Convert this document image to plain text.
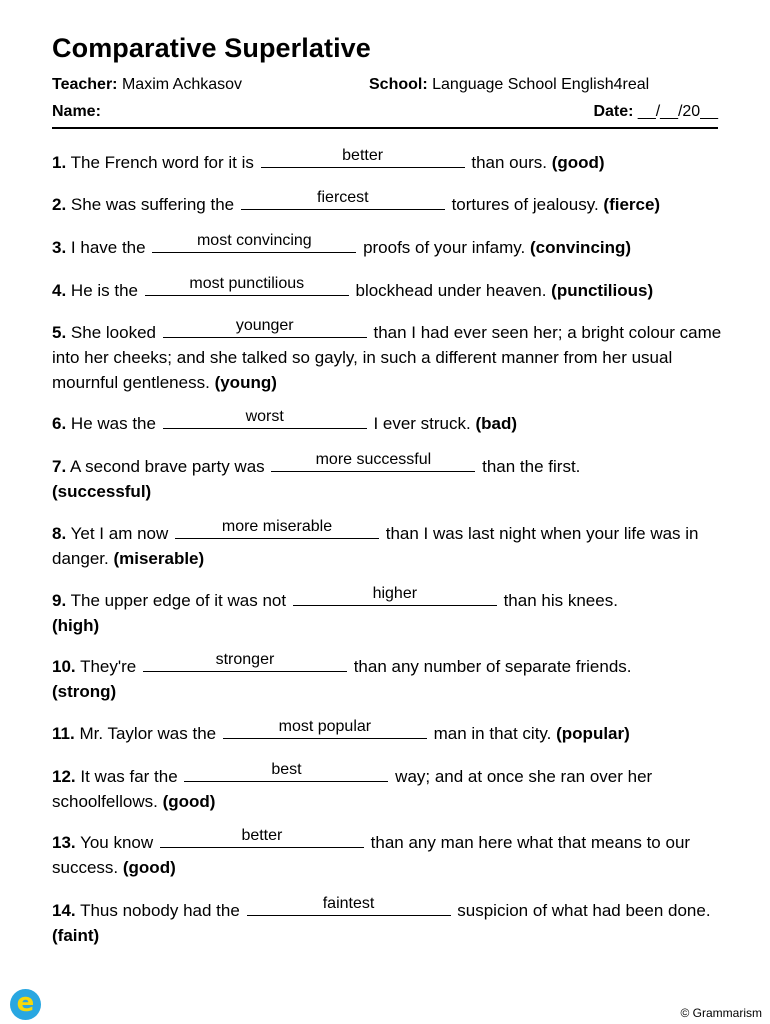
Comparative Superlative
Teacher: Maxim Achkasov	School: Language School English4real
Name:	Date: __/__/20__
1. The French word for it is	better	than ours. (good)
2. She was suffering the	fiercest	tortures of jealousy. (fierce)
3. I have the	most convincing	proofs of your infamy. (convincing)
4. He is the	most punctilious	blockhead under heaven. (punctilious)
5. She looked	younger	than I had ever seen her; a bright colour came into her cheeks; and she talked so gayly, in such a different manner from her usual mournful gentleness. (young)
6. He was the	worst	I ever struck. (bad)
7. A second brave party was	more successful	than the first.
(successful)
8. Yet I am now	more miserable	than I was last night when your life was in danger. (miserable)
9. The upper edge of it was not	higher	than his knees.
(high)
10. They're	stronger	than any number of separate friends.
(strong)
11. Mr. Taylor was the	most popular	man in that city. (popular)
12. It was far the	best	way; and at once she ran over her schoolfellows. (good)
13. You know	better	than any man here what that means to our success. (good)
14. Thus nobody had the	faintest	suspicion of what had been done. (faint)
e	© Grammarism
